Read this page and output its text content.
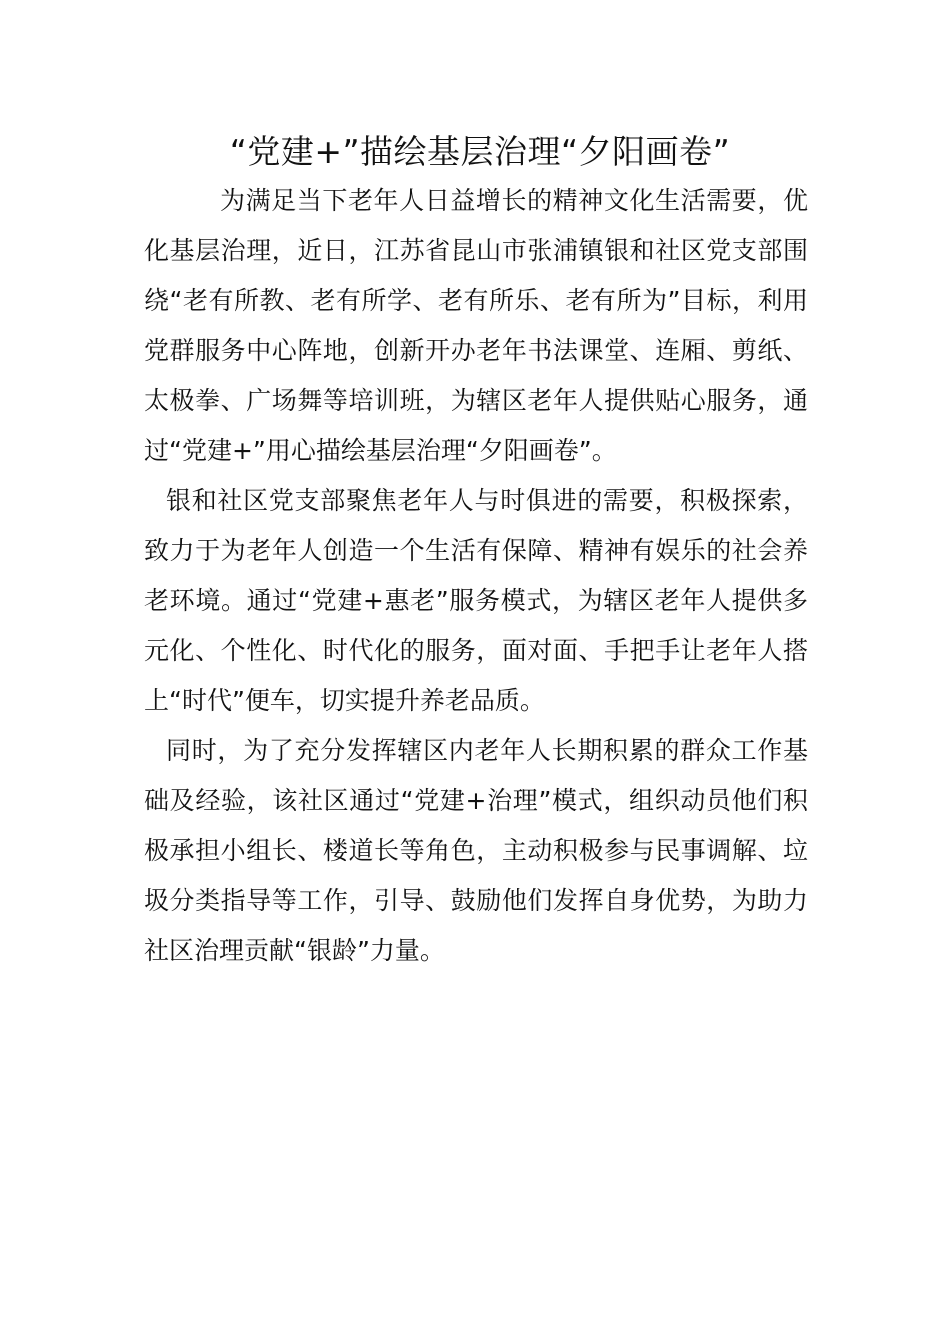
“党建+”描绘基层治理“夕阳画卷”

为满足当下老年人日益增长的精神文化生活需要，优化基层治理，近日，江苏省昆山市张浦镇银和社区党支部围绕“老有所教、老有所学、老有所乐、老有所为”目标，利用党群服务中心阵地，创新开办老年书法课堂、连厢、剪纸、太极拳、广场舞等培训班，为辖区老年人提供贴心服务，通过“党建+”用心描绘基层治理“夕阳画卷”。

银和社区党支部聚焦老年人与时俱进的需要，积极探索，致力于为老年人创造一个生活有保障、精神有娱乐的社会养老环境。通过“党建+惠老”服务模式，为辖区老年人提供多元化、个性化、时代化的服务，面对面、手把手让老年人搭上“时代”便车，切实提升养老品质。

同时，为了充分发挥辖区内老年人长期积累的群众工作基础及经验，该社区通过“党建+治理”模式，组织动员他们积极承担小组长、楼道长等角色，主动积极参与民事调解、垃圾分类指导等工作，引导、鼓励他们发挥自身优势，为助力社区治理贡献“银龄”力量。
